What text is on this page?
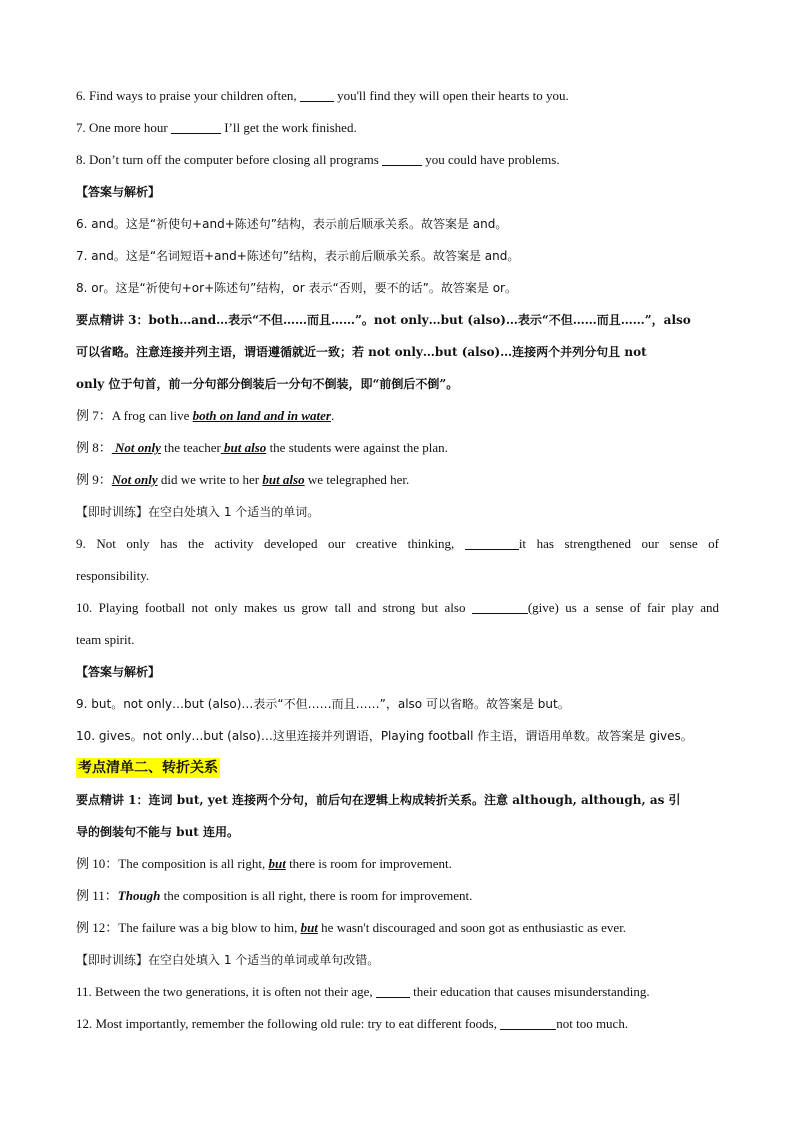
6. Find ways to praise your children often,	you'll find they will open their hearts to you.
7. One more hour	I’ll get the work finished.
8. Don’t turn off the computer before closing all programs	you could have problems.
【答案与解析】
6. and。这是“祈使句+and+陈述句”结构，表示前后顺承关系。故答案是 and。
7. and。这是“名词短语+and+陈述句”结构，表示前后顺承关系。故答案是 and。
8. or。这是“祈使句+or+陈述句”结构，or 表示“否则，要不的话”。故答案是 or。
要点精讲 3：both…and…表示“不但……而且……”。not only…but (also)…表示“不但……而且……”，also
可以省略。注意连接并列主语，谓语遵循就近一致；若 not only…but (also)…连接两个并列分句且 not
only 位于句首，前一分句部分倒装后一分句不倒装，即“前倒后不倒”。
例 7：A frog can live both on land and in water.
例 8： Not only the teacher but also the students were against the plan.
例 9：Not only did we write to her but also we telegraphed her.
【即时训练】在空白处填入 1 个适当的单词。
9. Not only has the activity developed our creative thinking,	it has strengthened our sense of
responsibility.
10. Playing football not only makes us grow tall and strong but also	(give) us a sense of fair play and
team spirit.
【答案与解析】
9. but。not only…but (also)…表示“不但……而且……”，also 可以省略。故答案是 but。
10. gives。not only…but (also)…这里连接并列谓语，Playing football 作主语，谓语用单数。故答案是 gives。
考点清单二、转折关系
要点精讲 1：连词 but, yet 连接两个分句，前后句在逻辑上构成转折关系。注意 although, although, as 引
导的倒装句不能与 but 连用。
例 10：The composition is all right, but there is room for improvement.
例 11：Though the composition is all right, there is room for improvement.
例 12：The failure was a big blow to him, but he wasn't discouraged and soon got as enthusiastic as ever.
【即时训练】在空白处填入 1 个适当的单词或单句改错。
11. Between the two generations, it is often not their age,	their education that causes misunderstanding.
12. Most importantly, remember the following old rule: try to eat different foods,	not too much.
